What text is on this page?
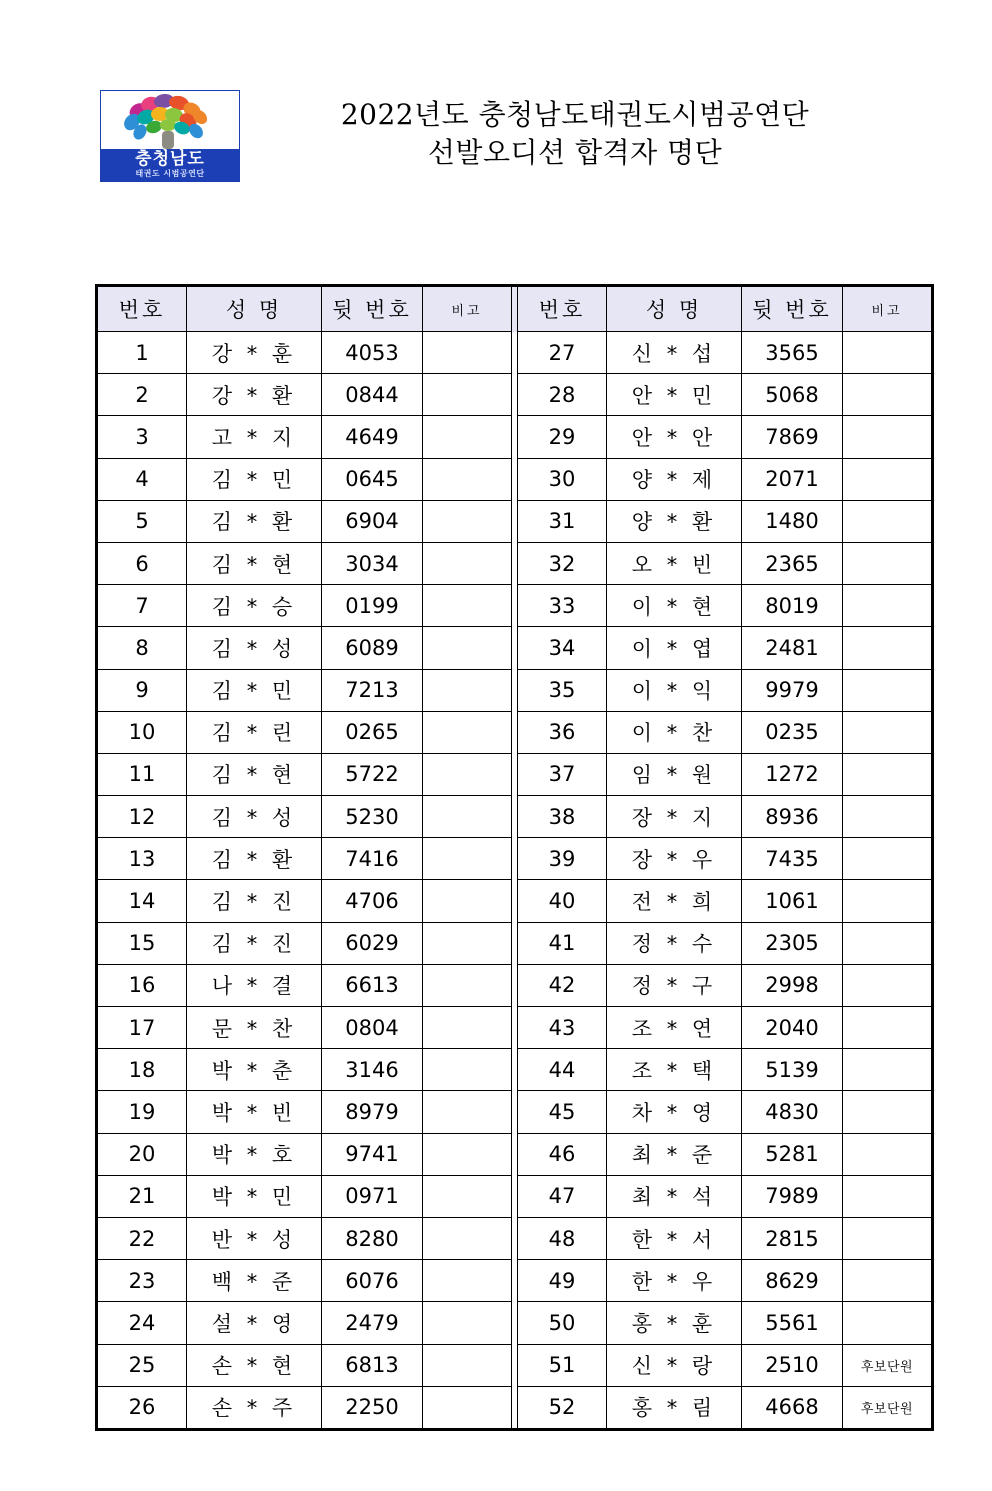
충청남도
태권도 시범공연단
2022년도 충청남도태권도시범공연단
선발오디션 합격자 명단
번호	성 명	뒷 번호	비고		번호	성 명	뒷 번호	비고
1	강 * 훈	4053			27	신 * 섭	3565	
2	강 * 환	0844			28	안 * 민	5068	
3	고 * 지	4649			29	안 * 안	7869	
4	김 * 민	0645			30	양 * 제	2071	
5	김 * 환	6904			31	양 * 환	1480	
6	김 * 현	3034			32	오 * 빈	2365	
7	김 * 승	0199			33	이 * 현	8019	
8	김 * 성	6089			34	이 * 엽	2481	
9	김 * 민	7213			35	이 * 익	9979	
10	김 * 린	0265			36	이 * 찬	0235	
11	김 * 현	5722			37	임 * 원	1272	
12	김 * 성	5230			38	장 * 지	8936	
13	김 * 환	7416			39	장 * 우	7435	
14	김 * 진	4706			40	전 * 희	1061	
15	김 * 진	6029			41	정 * 수	2305	
16	나 * 결	6613			42	정 * 구	2998	
17	문 * 찬	0804			43	조 * 연	2040	
18	박 * 춘	3146			44	조 * 택	5139	
19	박 * 빈	8979			45	차 * 영	4830	
20	박 * 호	9741			46	최 * 준	5281	
21	박 * 민	0971			47	최 * 석	7989	
22	반 * 성	8280			48	한 * 서	2815	
23	백 * 준	6076			49	한 * 우	8629	
24	설 * 영	2479			50	홍 * 훈	5561	
25	손 * 현	6813			51	신 * 랑	2510	후보단원
26	손 * 주	2250			52	홍 * 림	4668	후보단원
